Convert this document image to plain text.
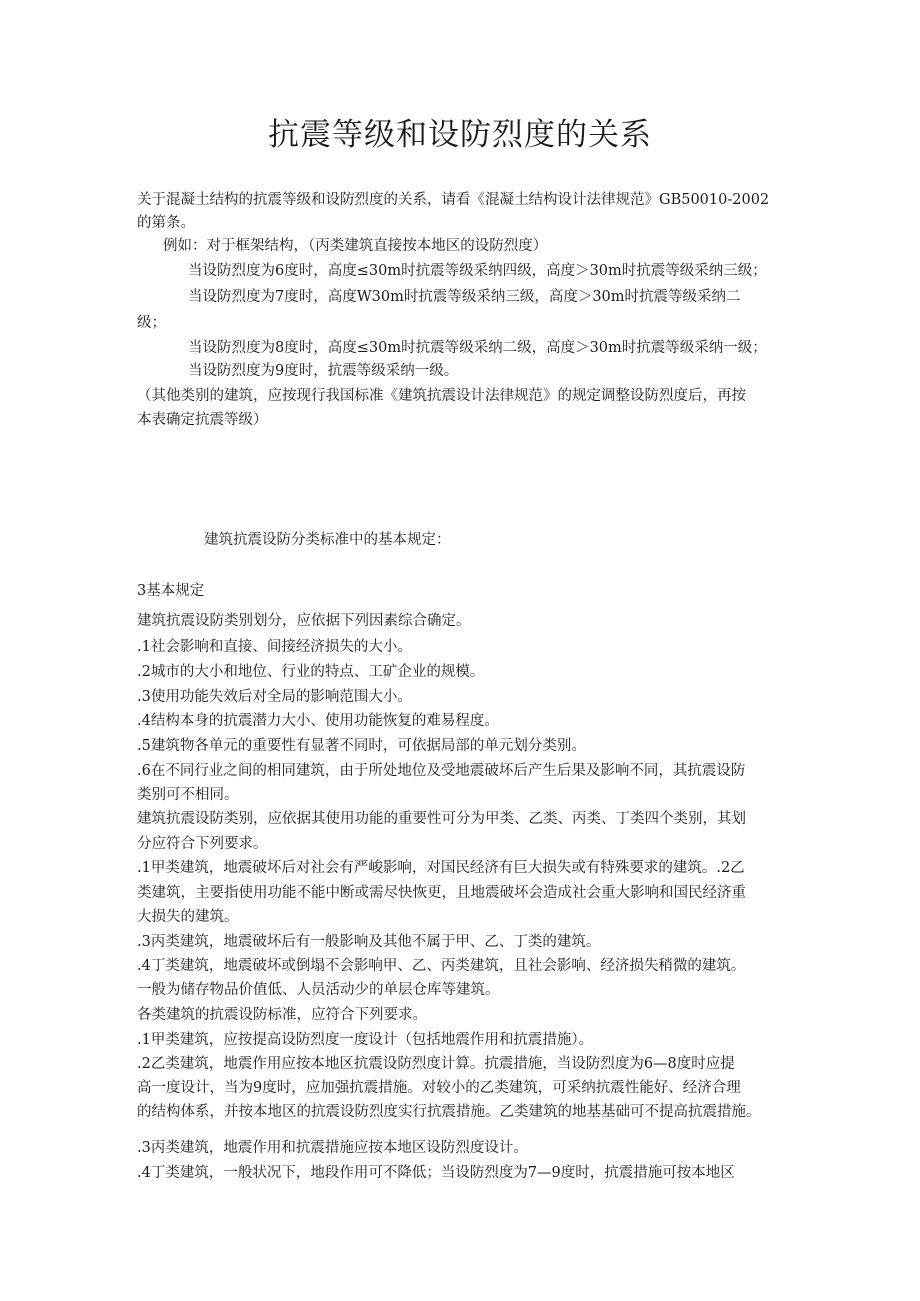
抗震等级和设防烈度的关系

关于混凝土结构的抗震等级和设防烈度的关系，请看《混凝土结构设计法律规范》GB50010-2002

的第条。

例如：对于框架结构，（丙类建筑直接按本地区的设防烈度）

当设防烈度为6度时，高度≤30m时抗震等级采纳四级，高度＞30m时抗震等级采纳三级；

当设防烈度为7度时，高度W30m时抗震等级采纳三级，高度＞30m时抗震等级采纳二

级；

当设防烈度为8度时，高度≤30m时抗震等级采纳二级，高度＞30m时抗震等级采纳一级；

当设防烈度为9度时，抗震等级采纳一级。

（其他类别的建筑，应按现行我国标准《建筑抗震设计法律规范》的规定调整设防烈度后，再按

本表确定抗震等级）

建筑抗震设防分类标准中的基本规定：

3基本规定

建筑抗震设防类别划分，应依据下列因素综合确定。

.1社会影响和直接、间接经济损失的大小。

.2城市的大小和地位、行业的特点、工矿企业的规模。

.3使用功能失效后对全局的影响范围大小。

.4结构本身的抗震潜力大小、使用功能恢复的难易程度。

.5建筑物各单元的重要性有显著不同时，可依据局部的单元划分类别。

.6在不同行业之间的相同建筑，由于所处地位及受地震破坏后产生后果及影响不同，其抗震设防

类别可不相同。

建筑抗震设防类别，应依据其使用功能的重要性可分为甲类、乙类、丙类、丁类四个类别，其划

分应符合下列要求。

.1甲类建筑，地震破坏后对社会有严峻影响，对国民经济有巨大损失或有特殊要求的建筑。.2乙

类建筑，主要指使用功能不能中断或需尽快恢更，且地震破坏会造成社会重大影响和国民经济重

大损失的建筑。

.3丙类建筑，地震破坏后有一般影响及其他不属于甲、乙、丁类的建筑。

.4丁类建筑，地震破坏或倒塌不会影响甲、乙、丙类建筑，且社会影响、经济损失稍微的建筑。

一般为储存物品价值低、人员活动少的单层仓库等建筑。

各类建筑的抗震设防标准，应符合下列要求。

.1甲类建筑，应按提高设防烈度一度设计（包括地震作用和抗震措施）。

.2乙类建筑，地震作用应按本地区抗震设防烈度计算。抗震措施，当设防烈度为6—8度时应提

高一度设计，当为9度时，应加强抗震措施。对较小的乙类建筑，可采纳抗震性能好、经济合理

的结构体系，并按本地区的抗震设防烈度实行抗震措施。乙类建筑的地基基础可不提高抗震措施。

.3丙类建筑，地震作用和抗震措施应按本地区设防烈度设计。

.4丁类建筑，一般状况下，地段作用可不降低；当设防烈度为7—9度时，抗震措施可按本地区
